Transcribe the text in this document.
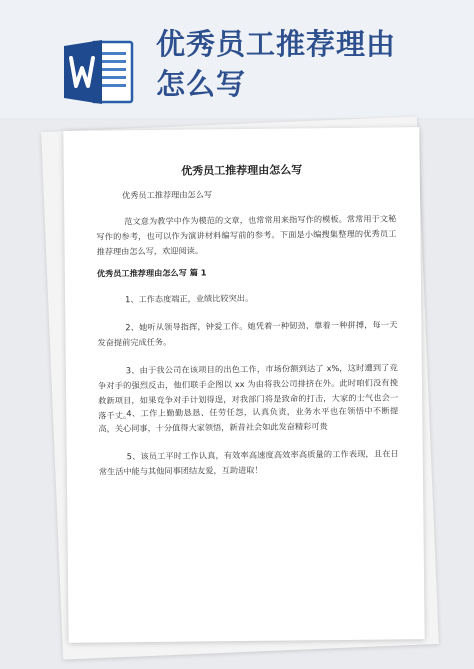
优秀员工推荐理由
怎么写
优秀员工推荐理由怎么写
优秀员工推荐理由怎么写

范文意为教学中作为模范的文章，也常常用来指写作的模板。常常用于文秘写作的参考，也可以作为演讲材料编写前的参考。下面是小编搜集整理的优秀员工推荐理由怎么写，欢迎阅读。

优秀员工推荐理由怎么写 篇 1

1、工作态度端正，业绩比较突出。

2、她听从领导指挥，钟爱工作。她凭着一种韧劲，靠着一种拼搏，每一天发奋提前完成任务。

3、由于我公司在该项目的出色工作，市场份额到达了 x%，这时遭到了竞争对手的强烈反击，他们联手企图以 xx 为由将我公司排挤在外。此时咱们没有挽救新项目，如果竞争对手计划得逞，对我部门将是致命的打击，大家的士气也会一落千丈。

4、工作上勤勤恳恳、任劳任怨，认真负责，业务水平也在领悟中不断提高，关心同事，十分值得大家领悟，新昔社会如此发奋精彩可贵

5、该员工平时工作认真，有效率高速度高效率高质量的工作表现，且在日常生活中能与其他同事团结友爱，互助进取！
